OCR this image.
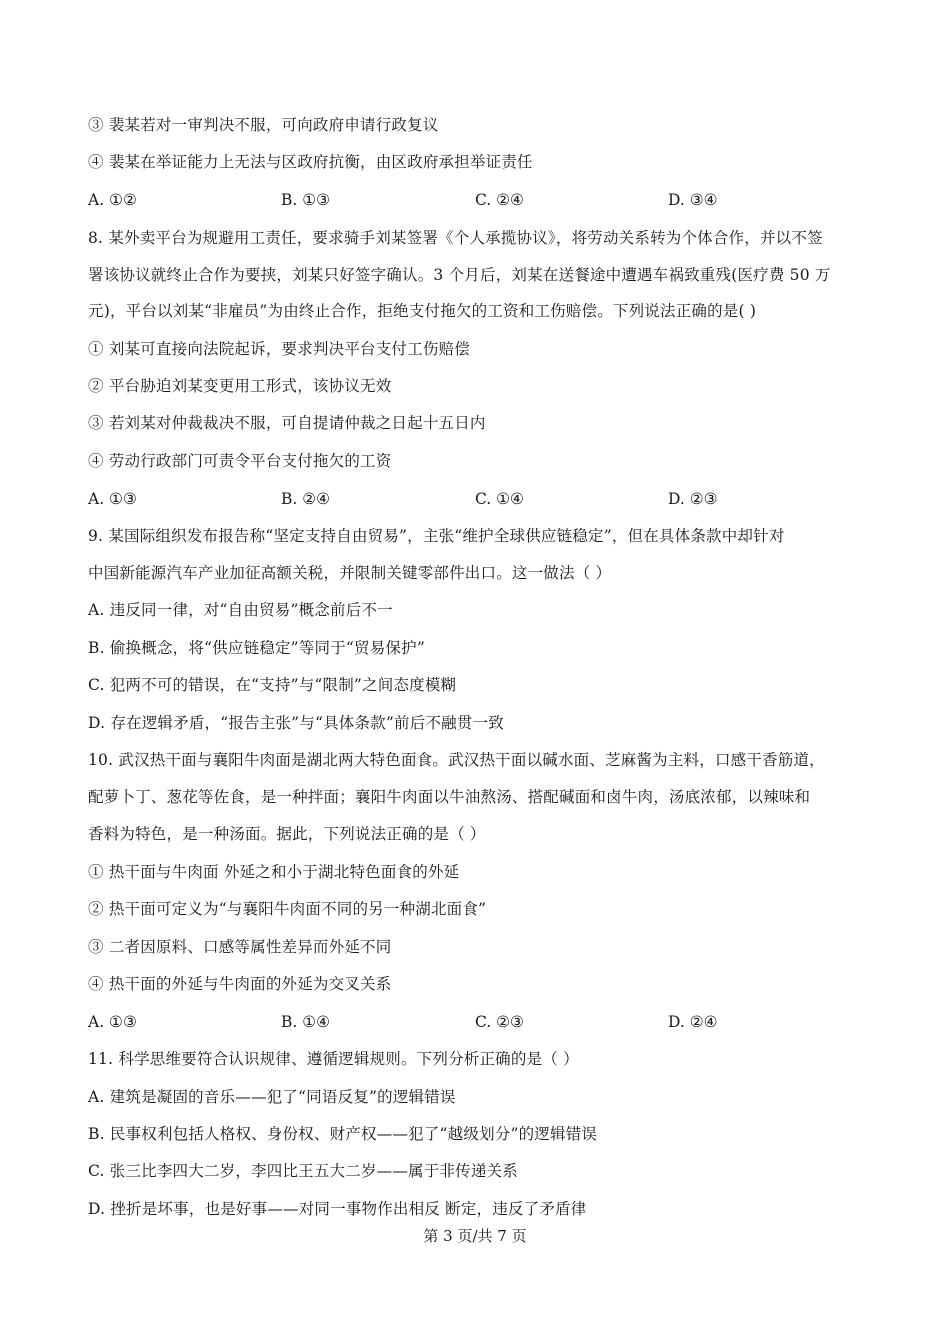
③ 裴某若对一审判决不服，可向政府申请行政复议
④ 裴某在举证能力上无法与区政府抗衡，由区政府承担举证责任
A. ①②	B. ①③	C. ②④	D. ③④
8. 某外卖平台为规避用工责任，要求骑手刘某签署《个人承揽协议》，将劳动关系转为个体合作，并以不签
署该协议就终止合作为要挟，刘某只好签字确认。3 个月后，刘某在送餐途中遭遇车祸致重残(医疗费 50 万
元)，平台以刘某“非雇员”为由终止合作，拒绝支付拖欠的工资和工伤赔偿。下列说法正确的是( )
① 刘某可直接向法院起诉，要求判决平台支付工伤赔偿
② 平台胁迫刘某变更用工形式，该协议无效
③ 若刘某对仲裁裁决不服，可自提请仲裁之日起十五日内
④ 劳动行政部门可责令平台支付拖欠的工资
A. ①③	B. ②④	C. ①④	D. ②③
9. 某国际组织发布报告称“坚定支持自由贸易”，主张“维护全球供应链稳定”，但在具体条款中却针对
中国新能源汽车产业加征高额关税，并限制关键零部件出口。这一做法（ ）
A. 违反同一律，对“自由贸易”概念前后不一
B. 偷换概念，将“供应链稳定”等同于“贸易保护”
C. 犯两不可的错误，在“支持”与“限制”之间态度模糊
D. 存在逻辑矛盾，“报告主张”与“具体条款”前后不融贯一致
10. 武汉热干面与襄阳牛肉面是湖北两大特色面食。武汉热干面以碱水面、芝麻酱为主料，口感干香筋道，
配萝卜丁、葱花等佐食，是一种拌面；襄阳牛肉面以牛油熬汤、搭配碱面和卤牛肉，汤底浓郁，以辣味和
香料为特色，是一种汤面。据此，下列说法正确的是（ ）
① 热干面与牛肉面 外延之和小于湖北特色面食的外延
② 热干面可定义为“与襄阳牛肉面不同的另一种湖北面食”
③ 二者因原料、口感等属性差异而外延不同
④ 热干面的外延与牛肉面的外延为交叉关系
A. ①③	B. ①④	C. ②③	D. ②④
11. 科学思维要符合认识规律、遵循逻辑规则。下列分析正确的是（ ）
A. 建筑是凝固的音乐——犯了“同语反复”的逻辑错误
B. 民事权利包括人格权、身份权、财产权——犯了“越级划分”的逻辑错误
C. 张三比李四大二岁，李四比王五大二岁——属于非传递关系
D. 挫折是坏事，也是好事——对同一事物作出相反 断定，违反了矛盾律
第 3 页/共 7 页
